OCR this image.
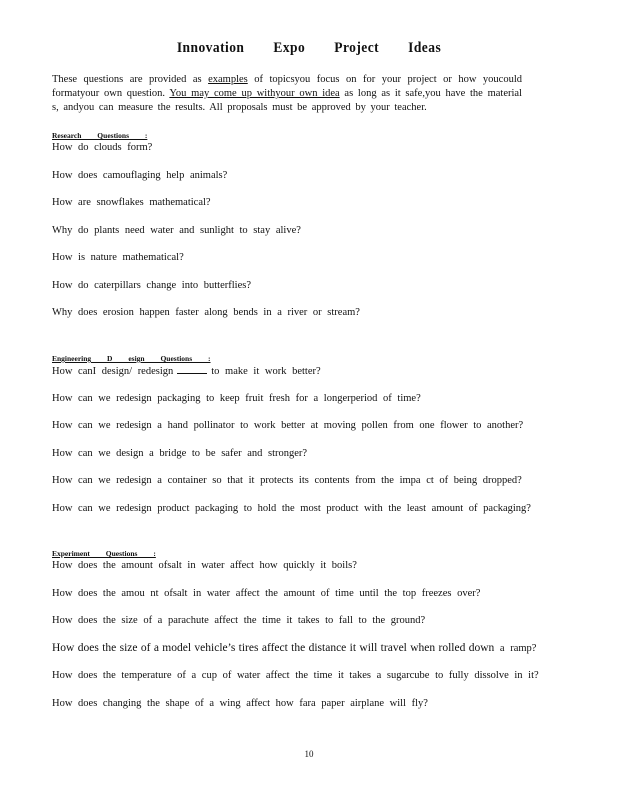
Innovation Expo Project Ideas
These questions are provided as examples of topicsyou focus on for your project or how youcould formatyour own question. You may come up withyour own idea as long as it safe,you have the material s, andyou can measure the results. All proposals must be approved by your teacher.
Research Questions :
How do clouds form?
How does camouflaging help animals?
How are snowflakes mathematical?
Why do plants need water and sunlight to stay alive?
How is nature mathematical?
How do caterpillars change into butterflies?
Why does erosion happen faster along bends in a river or stream?
Engineering D esign Questions :
How canI design/ redesign	to make it work better?
How can we redesign packaging to keep fruit fresh for a longerperiod of time?
How can we redesign a hand pollinator to work better at moving pollen from one flower to another?
How can we design a bridge to be safer and stronger?
How can we redesign a container so that it protects its contents from the impa ct of being dropped?
How can we redesign product packaging to hold the most product with the least amount of packaging?
Experiment Questions :
How does the amount ofsalt in water affect how quickly it boils?
How does the amou nt ofsalt in water affect the amount of time until the top freezes over?
How does the size of a parachute affect the time it takes to fall to the ground?
How does the size of a model vehicle’s tires affect the distance it will travel when rolled down a ramp?
How does the temperature of a cup of water affect the time it takes a sugarcube to fully dissolve in it?
How does changing the shape of a wing affect how fara paper airplane will fly?
10
